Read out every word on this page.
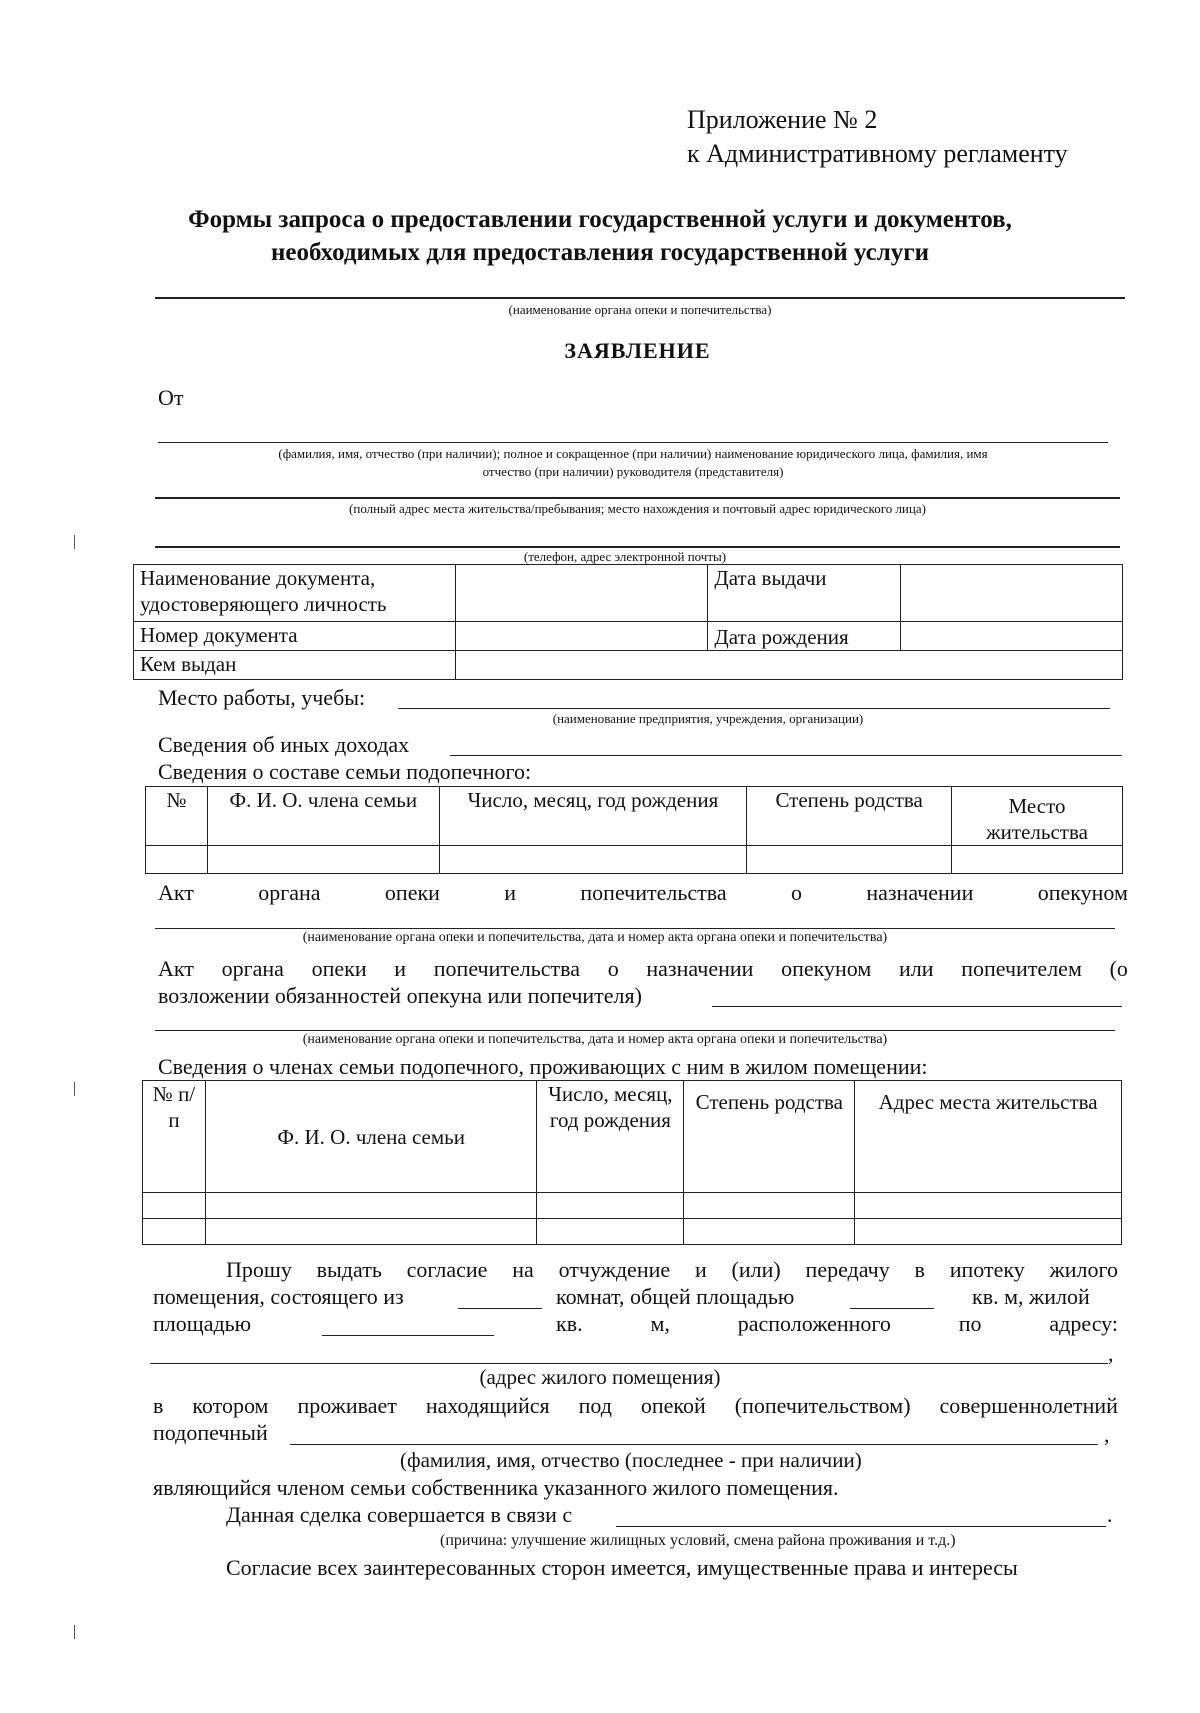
Приложение № 2
к Административному регламенту
Формы запроса о предоставлении государственной услуги и документов,
необходимых для предоставления государственной услуги
(наименование органа опеки и попечительства)
ЗАЯВЛЕНИЕ
От
(фамилия, имя, отчество (при наличии); полное и сокращенное (при наличии) наименование юридического лица, фамилия, имя
отчество (при наличии) руководителя (представителя)
(полный адрес места жительства/пребывания; место нахождения и почтовый адрес юридического лица)
(телефон, адрес электронной почты)
Наименование документа,
удостоверяющего личность		Дата выдачи	
Номер документа		Дата рождения	
Кем выдан			
Место работы, учебы:
(наименование предприятия, учреждения, организации)
Сведения об иных доходах
Сведения о составе семьи подопечного:
№	Ф. И. О. члена семьи	Число, месяц, год рождения	Степень родства	Место жительства

Акт	органа	опеки	и	попечительства	о	назначении	опекуном
(наименование органа опеки и попечительства, дата и номер акта органа опеки и попечительства)
Акт органа опеки и попечительства о назначении опекуном или попечителем (о
возложении обязанностей опекуна или попечителя)
(наименование органа опеки и попечительства, дата и номер акта органа опеки и попечительства)
Сведения о членах семьи подопечного, проживающих с ним в жилом помещении:
№ п/п	Ф. И. О. члена семьи	Число, месяц, год рождения	Степень родства	Адрес места жительства

Прошу выдать согласие на отчуждение и (или) передачу в ипотеку жилого
помещения, состоящего из	комнат, общей площадью	кв. м, жилой
площадью	кв.	м,	расположенного	по	адресу:
,
(адрес жилого помещения)
в котором проживает находящийся под опекой (попечительством) совершеннолетний
подопечный	,
(фамилия, имя, отчество (последнее - при наличии)
являющийся членом семьи собственника указанного жилого помещения.
Данная сделка совершается в связи с	.
(причина: улучшение жилищных условий, смена района проживания и т.д.)
Согласие всех заинтересованных сторон имеется, имущественные права и интересы
